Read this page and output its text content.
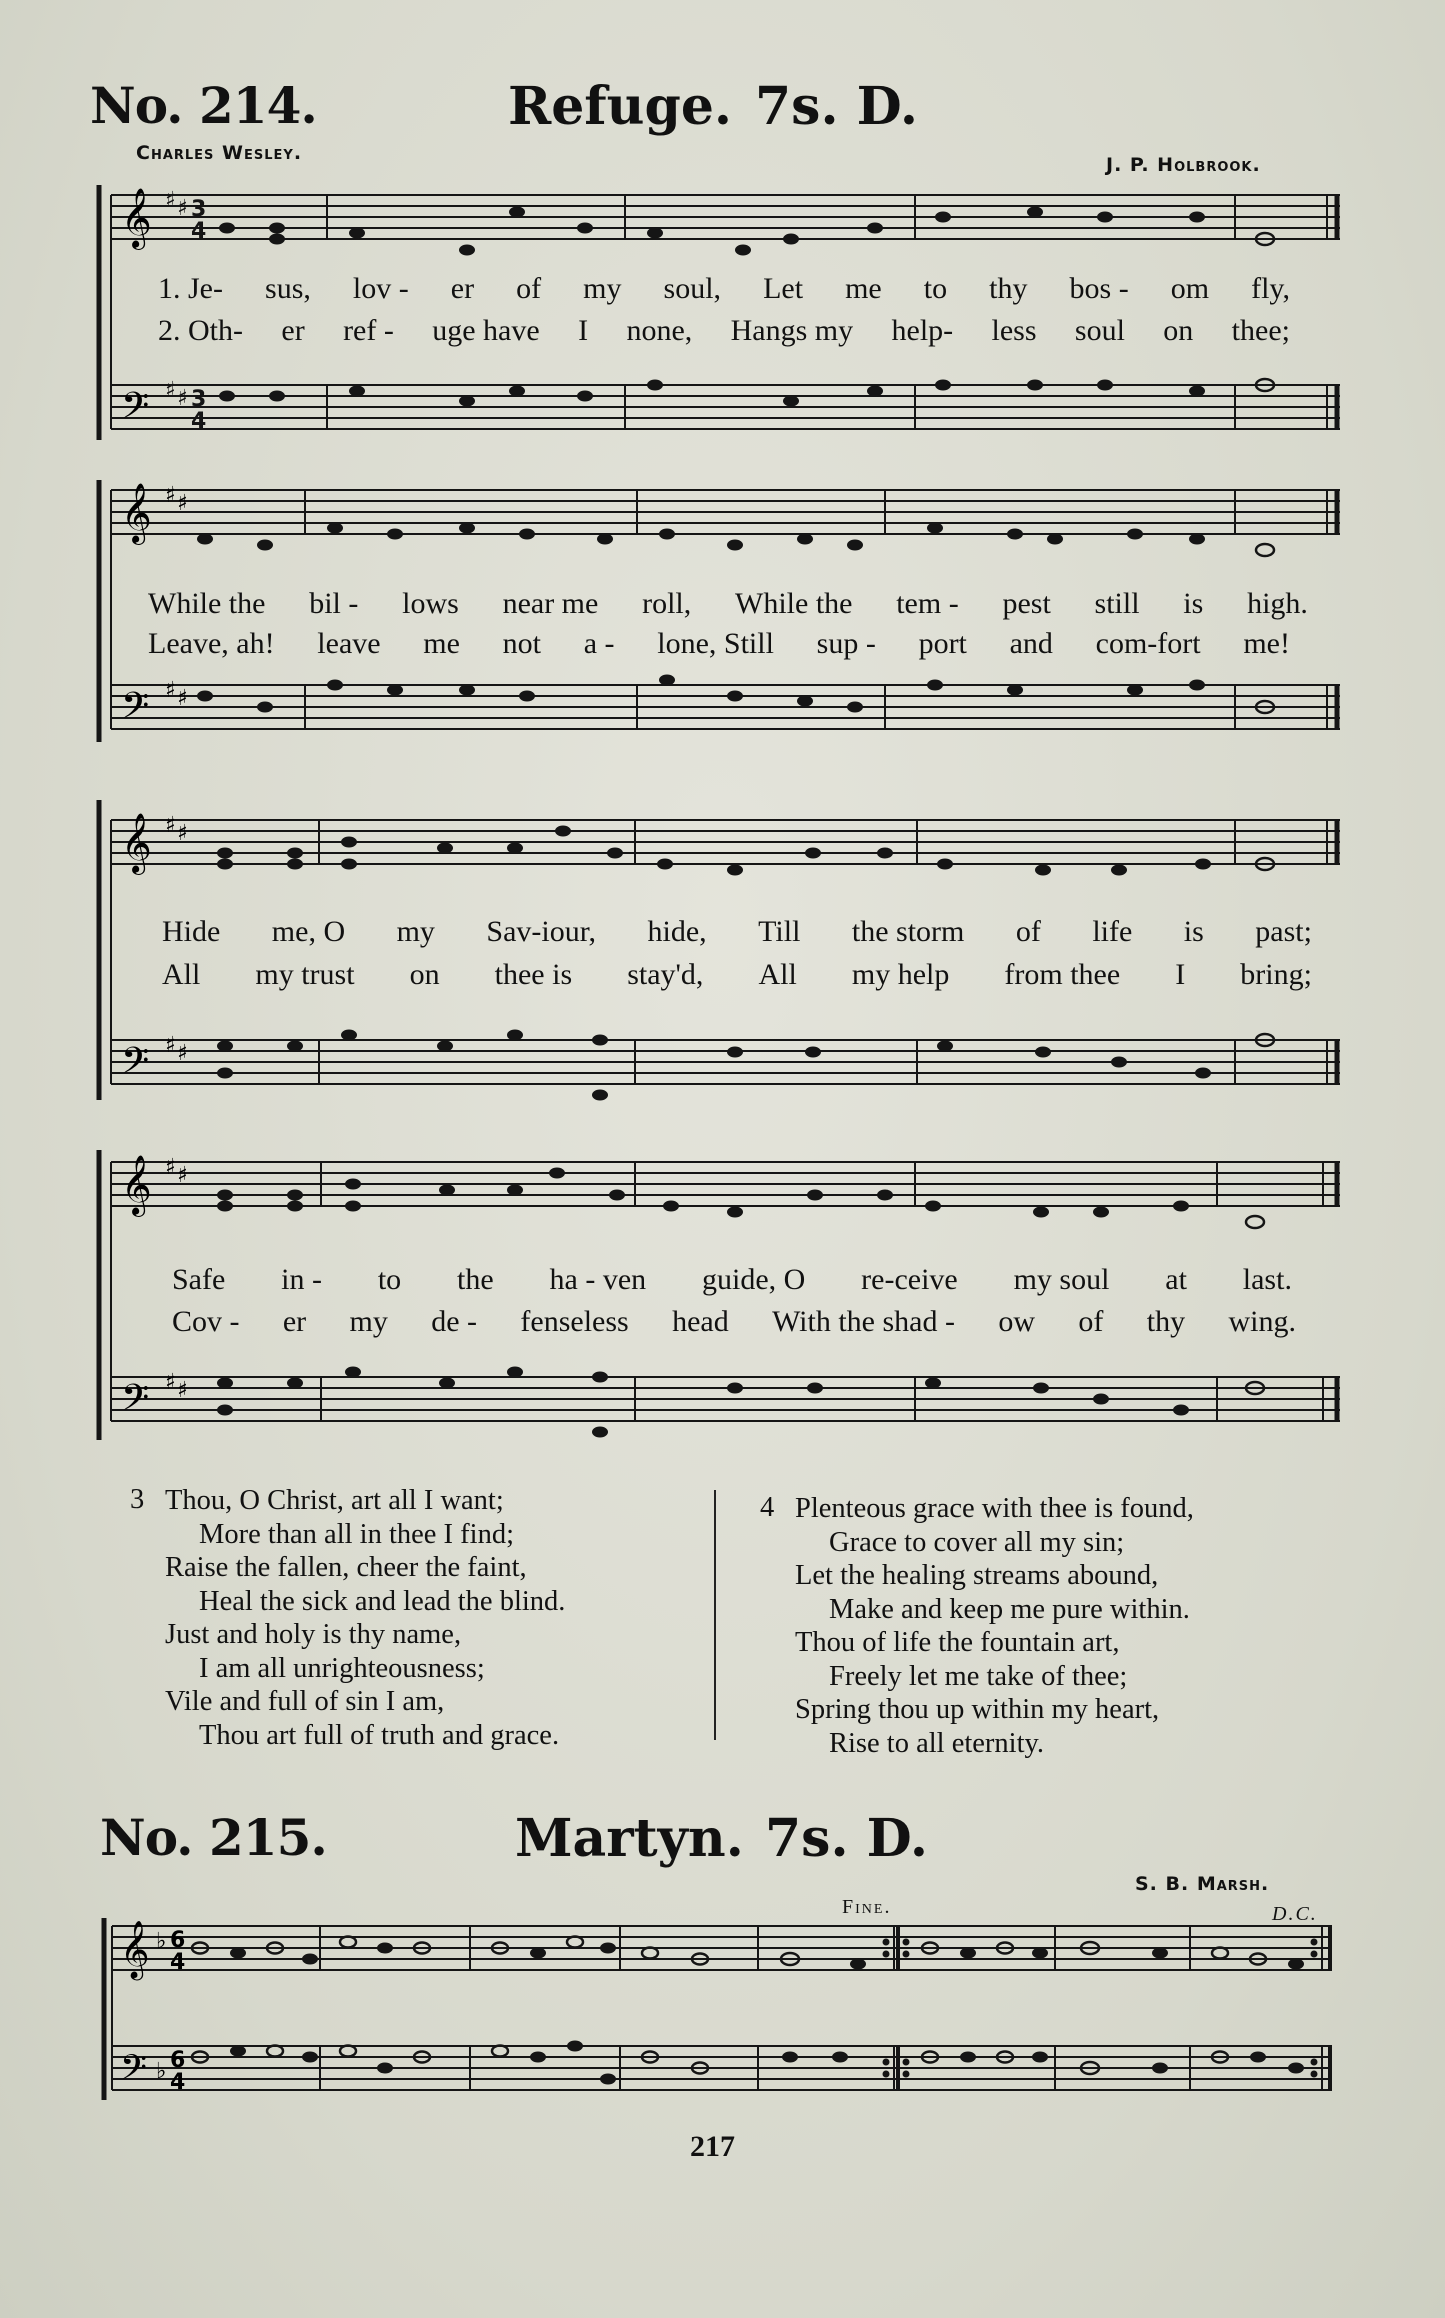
No. 214.	Refuge. 7s. D.
Charles Wesley.
J. P. Holbrook.
𝄞
𝄢
♯ ♯
♯ ♯
3
4
3
4
1. Je- sus, lov - er of my soul, Let me to thy bos - om fly,
2. Oth- er ref - uge have I none, Hangs my help- less soul on thee;
𝄞
𝄢
♯ ♯
♯ ♯
While the bil - lows near me roll, While the tem - pest still is high.
Leave, ah! leave me not a - lone, Still sup - port and com-fort me!
𝄞
𝄢
♯ ♯
♯ ♯
Hide me, O my Sav-iour, hide, Till the storm of life is past;
All my trust on thee is stay'd, All my help from thee I bring;
𝄞
𝄢
♯ ♯
♯ ♯
Safe in - to the ha - ven guide, O re-ceive my soul at last.
Cov - er my de - fenseless head With the shad - ow of thy wing.
3 Thou, O Christ, art all I want;
More than all in thee I find;
Raise the fallen, cheer the faint,
Heal the sick and lead the blind.
Just and holy is thy name,
I am all unrighteousness;
Vile and full of sin I am,
Thou art full of truth and grace.
4 Plenteous grace with thee is found,
Grace to cover all my sin;
Let the healing streams abound,
Make and keep me pure within.
Thou of life the fountain art,
Freely let me take of thee;
Spring thou up within my heart,
Rise to all eternity.
No. 215.	Martyn. 7s. D.
S. B. Marsh.
Fine.	D.C.
𝄞
𝄢
♭
♭
6
4
6
4
217
